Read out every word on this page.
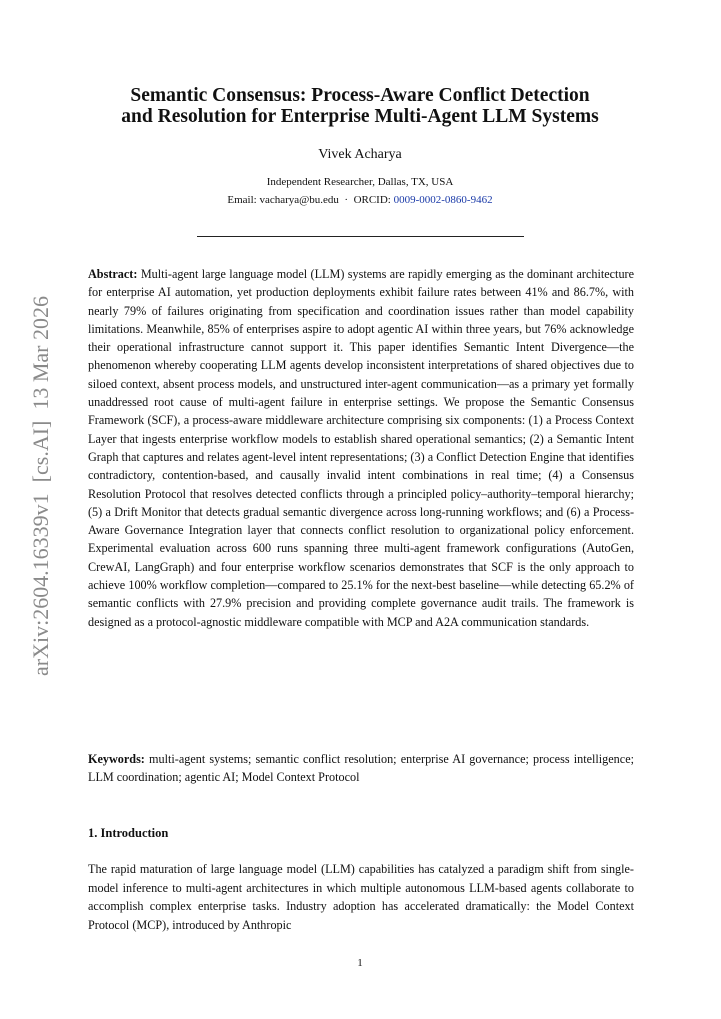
arXiv:2604.16339v1  [cs.AI]  13 Mar 2026
Semantic Consensus: Process-Aware Conflict Detection
and Resolution for Enterprise Multi-Agent LLM Systems
Vivek Acharya
Independent Researcher, Dallas, TX, USA
Email: vacharya@bu.edu  ·  ORCID: 0009-0002-0860-9462
Abstract: Multi-agent large language model (LLM) systems are rapidly emerging as the dominant architecture for enterprise AI automation, yet production deployments exhibit failure rates between 41% and 86.7%, with nearly 79% of failures originating from specification and coordination issues rather than model capability limitations. Meanwhile, 85% of enterprises aspire to adopt agentic AI within three years, but 76% acknowledge their operational infrastructure cannot support it. This paper identifies Semantic Intent Divergence—the phenomenon whereby cooperating LLM agents develop inconsistent interpretations of shared objectives due to siloed context, absent process models, and unstructured inter-agent communication—as a primary yet formally unaddressed root cause of multi-agent failure in enterprise settings. We propose the Semantic Consensus Framework (SCF), a process-aware middleware architecture comprising six components: (1) a Process Context Layer that ingests enterprise workflow models to establish shared operational semantics; (2) a Semantic Intent Graph that captures and relates agent-level intent representations; (3) a Conflict Detection Engine that identifies contradictory, contention-based, and causally invalid intent combinations in real time; (4) a Consensus Resolution Protocol that resolves detected conflicts through a principled policy–authority–temporal hierarchy; (5) a Drift Monitor that detects gradual semantic divergence across long-running workflows; and (6) a Process-Aware Governance Integration layer that connects conflict resolution to organizational policy enforcement. Experimental evaluation across 600 runs spanning three multi-agent framework configurations (AutoGen, CrewAI, LangGraph) and four enterprise workflow scenarios demonstrates that SCF is the only approach to achieve 100% workflow completion—compared to 25.1% for the next-best baseline—while detecting 65.2% of semantic conflicts with 27.9% precision and providing complete governance audit trails. The framework is designed as a protocol-agnostic middleware compatible with MCP and A2A communication standards.
Keywords: multi-agent systems; semantic conflict resolution; enterprise AI governance; process intelligence; LLM coordination; agentic AI; Model Context Protocol
1. Introduction
The rapid maturation of large language model (LLM) capabilities has catalyzed a paradigm shift from single-model inference to multi-agent architectures in which multiple autonomous LLM-based agents collaborate to accomplish complex enterprise tasks. Industry adoption has accelerated dramatically: the Model Context Protocol (MCP), introduced by Anthropic
1
